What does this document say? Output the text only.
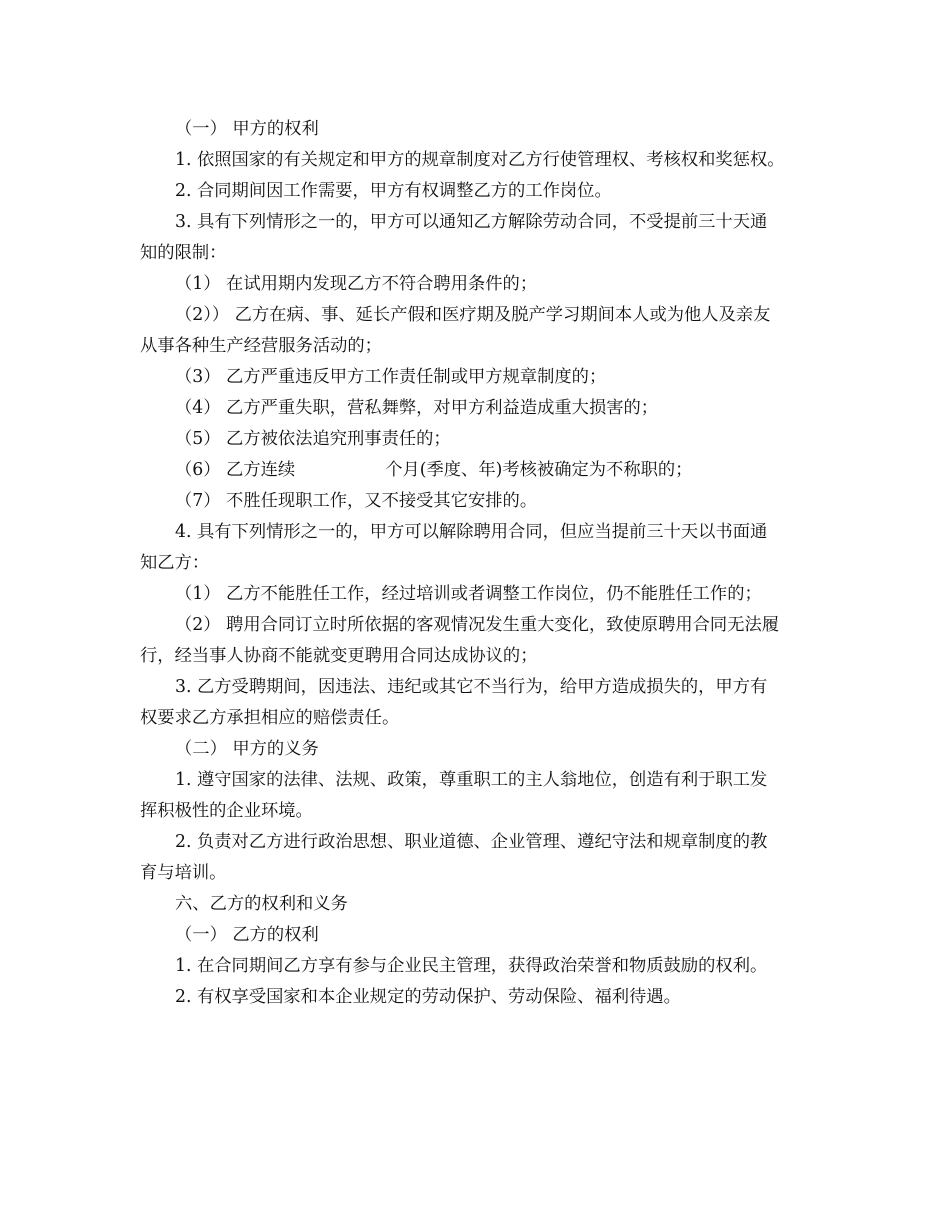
（一） 甲方的权利
1. 依照国家的有关规定和甲方的规章制度对乙方行使管理权、考核权和奖惩权。
2. 合同期间因工作需要，甲方有权调整乙方的工作岗位。
3. 具有下列情形之一的，甲方可以通知乙方解除劳动合同，不受提前三十天通
知的限制：
（1） 在试用期内发现乙方不符合聘用条件的；
（2）） 乙方在病、事、延长产假和医疗期及脱产学习期间本人或为他人及亲友
从事各种生产经营服务活动的；
（3） 乙方严重违反甲方工作责任制或甲方规章制度的；
（4） 乙方严重失职，营私舞弊，对甲方利益造成重大损害的；
（5） 乙方被依法追究刑事责任的；
（6） 乙方连续	个月(季度、年)考核被确定为不称职的；
（7） 不胜任现职工作，又不接受其它安排的。
4. 具有下列情形之一的，甲方可以解除聘用合同，但应当提前三十天以书面通
知乙方：
（1） 乙方不能胜任工作，经过培训或者调整工作岗位，仍不能胜任工作的；
（2） 聘用合同订立时所依据的客观情况发生重大变化，致使原聘用合同无法履
行，经当事人协商不能就变更聘用合同达成协议的；
3. 乙方受聘期间，因违法、违纪或其它不当行为，给甲方造成损失的，甲方有
权要求乙方承担相应的赔偿责任。
（二） 甲方的义务
1. 遵守国家的法律、法规、政策，尊重职工的主人翁地位，创造有利于职工发
挥积极性的企业环境。
2. 负责对乙方进行政治思想、职业道德、企业管理、遵纪守法和规章制度的教
育与培训。
六、乙方的权利和义务
（一） 乙方的权利
1. 在合同期间乙方享有参与企业民主管理，获得政治荣誉和物质鼓励的权利。
2. 有权享受国家和本企业规定的劳动保护、劳动保险、福利待遇。
